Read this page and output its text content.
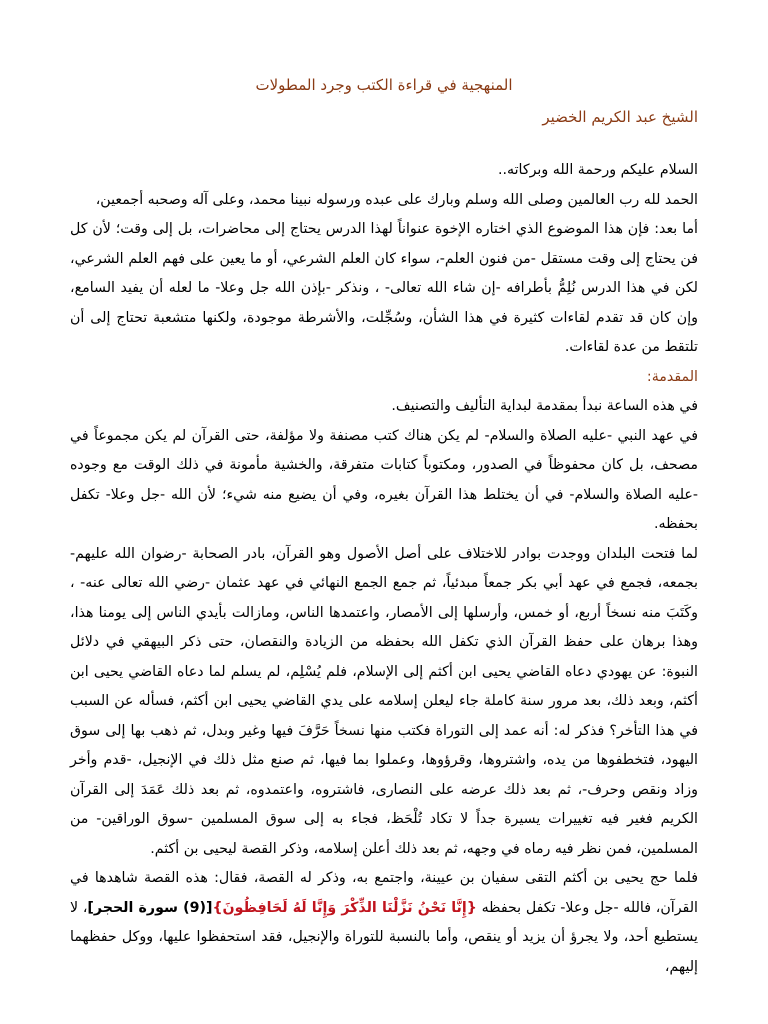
المنهجية في قراءة الكتب وجرد المطولات
الشيخ عبد الكريم الخضير

السلام عليكم ورحمة الله وبركاته..

الحمد لله رب العالمين وصلى الله وسلم وبارك على عبده ورسوله نبينا محمد، وعلى آله وصحبه أجمعين،

أما بعد: فإن هذا الموضوع الذي اختاره الإخوة عنواناً لهذا الدرس يحتاج إلى محاضرات، بل إلى وقت؛ لأن كل فن يحتاج إلى وقت مستقل -من فنون العلم-، سواء كان العلم الشرعي، أو ما يعين على فهم العلم الشرعي، لكن في هذا الدرس نُلِمُّ بأطرافه -إن شاء الله تعالى- ، ونذكر -بإذن الله جل وعلا- ما لعله أن يفيد السامع، وإن كان قد تقدم لقاءات كثيرة في هذا الشأن، وسُجِّلت، والأشرطة موجودة، ولكنها متشعبة تحتاج إلى أن تلتقط من عدة لقاءات.

المقدمة:

في هذه الساعة نبدأ بمقدمة لبداية التأليف والتصنيف.

في عهد النبي -عليه الصلاة والسلام- لم يكن هناك كتب مصنفة ولا مؤلفة، حتى القرآن لم يكن مجموعاً في مصحف، بل كان محفوظاً في الصدور، ومكتوباً كتابات متفرقة، والخشية مأمونة في ذلك الوقت مع وجوده -عليه الصلاة والسلام- في أن يختلط هذا القرآن بغيره، وفي أن يضيع منه شيء؛ لأن الله -جل وعلا- تكفل بحفظه.

لما فتحت البلدان ووجدت بوادر للاختلاف على أصل الأصول وهو القرآن، بادر الصحابة -رضوان الله عليهم- بجمعه، فجمع في عهد أبي بكر جمعاً مبدئياً، ثم جمع الجمع النهائي في عهد عثمان -رضي الله تعالى عنه- ، وكَتَبَ منه نسخاً أربع، أو خمس، وأرسلها إلى الأمصار، واعتمدها الناس، ومازالت بأيدي الناس إلى يومنا هذا، وهذا برهان على حفظ القرآن الذي تكفل الله بحفظه من الزيادة والنقصان، حتى ذكر البيهقي في دلائل النبوة: عن يهودي دعاه القاضي يحيى ابن أكثم إلى الإسلام، فلم يُسْلِم، لم يسلم لما دعاه القاضي يحيى ابن أكثم، وبعد ذلك، بعد مرور سنة كاملة جاء ليعلن إسلامه على يدي القاضي يحيى ابن أكثم، فسأله عن السبب في هذا التأخر؟ فذكر له: أنه عمد إلى التوراة فكتب منها نسخاً حَرَّفَ فيها وغير وبدل، ثم ذهب بها إلى سوق اليهود، فتخطفوها من يده، واشتروها، وقرؤوها، وعملوا بما فيها، ثم صنع مثل ذلك في الإنجيل، -قدم وأخر وزاد ونقص وحرف-، ثم بعد ذلك عرضه على النصارى، فاشتروه، واعتمدوه، ثم بعد ذلك عَمَدَ إلى القرآن الكريم فغير فيه تغييرات يسيرة جداً لا تكاد تُلْحَظ، فجاء به إلى سوق المسلمين -سوق الوراقين- من المسلمين، فمن نظر فيه رماه في وجهه، ثم بعد ذلك أعلن إسلامه، وذكر القصة ليحيى بن أكثم.

فلما حج يحيى بن أكثم التقى سفيان بن عيينة، واجتمع به، وذكر له القصة، فقال: هذه القصة شاهدها في القرآن، فالله -جل وعلا- تكفل بحفظه {إِنَّا نَحْنُ نَزَّلْنَا الذِّكْرَ وَإِنَّا لَهُ لَحَافِظُونَ}[(9) سورة الحجر]، لا يستطيع أحد، ولا يجرؤ أن يزيد أو ينقص، وأما بالنسبة للتوراة والإنجيل، فقد استحفظوا عليها، ووكل حفظهما إليهم،
